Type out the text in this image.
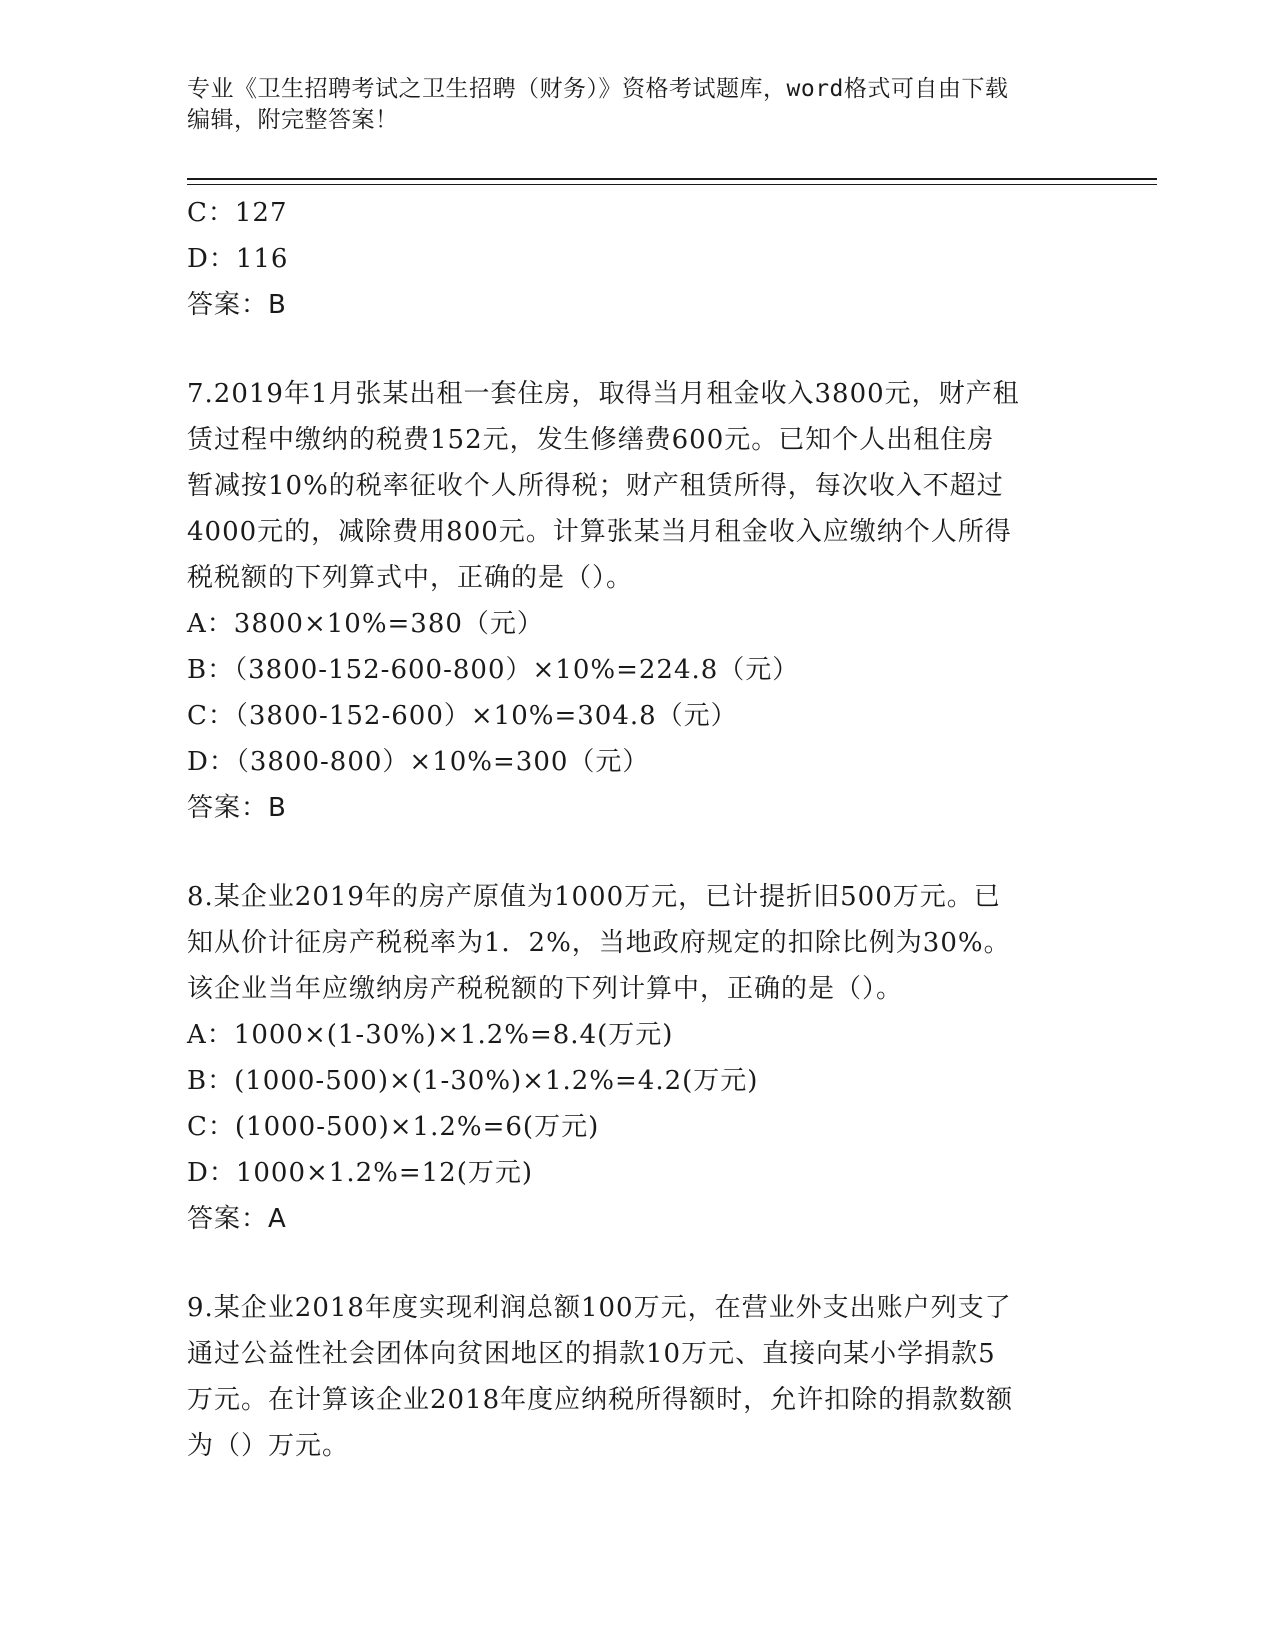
专业《卫生招聘考试之卫生招聘（财务）》资格考试题库，word格式可自由下载
编辑，附完整答案！
C：127
D：116
答案：B
7.2019年1月张某出租一套住房，取得当月租金收入3800元，财产租
赁过程中缴纳的税费152元，发生修缮费600元。已知个人出租住房
暂减按10%的税率征收个人所得税；财产租赁所得，每次收入不超过
4000元的，减除费用800元。计算张某当月租金收入应缴纳个人所得
税税额的下列算式中，正确的是（）。
A：3800×10%=380（元）
B：（3800-152-600-800）×10%=224.8（元）
C：（3800-152-600）×10%=304.8（元）
D：（3800-800）×10%=300（元）
答案：B
8.某企业2019年的房产原值为1000万元，已计提折旧500万元。已
知从价计征房产税税率为1．2%，当地政府规定的扣除比例为30%。
该企业当年应缴纳房产税税额的下列计算中，正确的是（）。
A：1000×(1-30%)×1.2%=8.4(万元)
B：(1000-500)×(1-30%)×1.2%=4.2(万元)
C：(1000-500)×1.2%=6(万元)
D：1000×1.2%=12(万元)
答案：A
9.某企业2018年度实现利润总额100万元，在营业外支出账户列支了
通过公益性社会团体向贫困地区的捐款10万元、直接向某小学捐款5
万元。在计算该企业2018年度应纳税所得额时，允许扣除的捐款数额
为（）万元。
